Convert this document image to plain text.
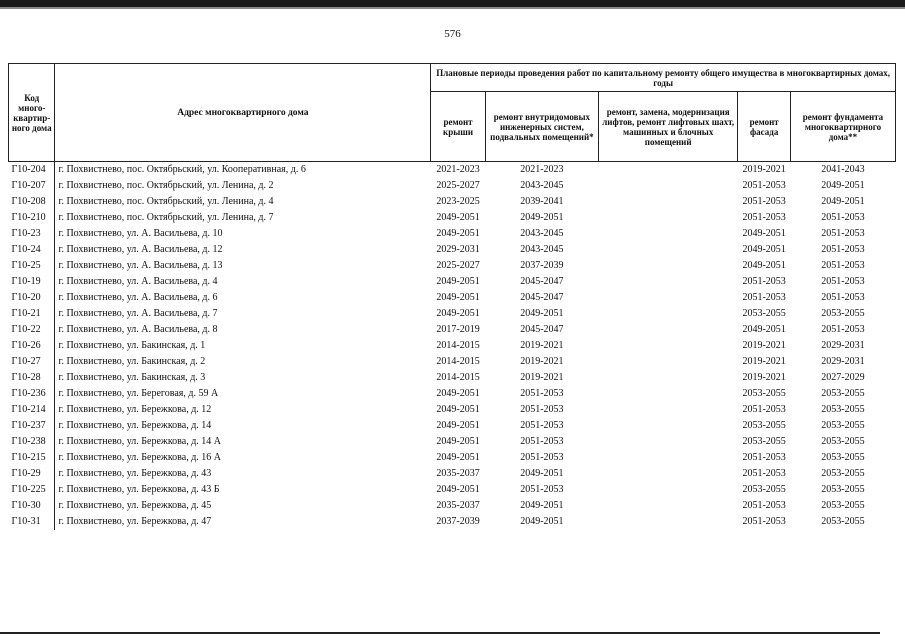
576
Код много-квартир-ного дома	Адрес многоквартирного дома	Плановые периоды проведения работ по капитальному ремонту общего имущества в многоквартирных домах, годы				
		ремонт крыши	ремонт внутридомовых инженерных систем, подвальных помещений*	ремонт, замена, модернизация лифтов, ремонт лифтовых шахт, машинных и блочных помещений	ремонт фасада	ремонт фундамента многоквартирного дома**
Г10-204	г. Похвистнево, пос. Октябрьский, ул. Кооперативная, д. 6	2021-2023	2021-2023		2019-2021	2041-2043
Г10-207	г. Похвистнево, пос. Октябрьский, ул. Ленина, д. 2	2025-2027	2043-2045		2051-2053	2049-2051
Г10-208	г. Похвистнево, пос. Октябрьский, ул. Ленина, д. 4	2023-2025	2039-2041		2051-2053	2049-2051
Г10-210	г. Похвистнево, пос. Октябрьский, ул. Ленина, д. 7	2049-2051	2049-2051		2051-2053	2051-2053
Г10-23	г. Похвистнево, ул. А. Васильева, д. 10	2049-2051	2043-2045		2049-2051	2051-2053
Г10-24	г. Похвистнево, ул. А. Васильева, д. 12	2029-2031	2043-2045		2049-2051	2051-2053
Г10-25	г. Похвистнево, ул. А. Васильева, д. 13	2025-2027	2037-2039		2049-2051	2051-2053
Г10-19	г. Похвистнево, ул. А. Васильева, д. 4	2049-2051	2045-2047		2051-2053	2051-2053
Г10-20	г. Похвистнево, ул. А. Васильева, д. 6	2049-2051	2045-2047		2051-2053	2051-2053
Г10-21	г. Похвистнево, ул. А. Васильева, д. 7	2049-2051	2049-2051		2053-2055	2053-2055
Г10-22	г. Похвистнево, ул. А. Васильева, д. 8	2017-2019	2045-2047		2049-2051	2051-2053
Г10-26	г. Похвистнево, ул. Бакинская, д. 1	2014-2015	2019-2021		2019-2021	2029-2031
Г10-27	г. Похвистнево, ул. Бакинская, д. 2	2014-2015	2019-2021		2019-2021	2029-2031
Г10-28	г. Похвистнево, ул. Бакинская, д. 3	2014-2015	2019-2021		2019-2021	2027-2029
Г10-236	г. Похвистнево, ул. Береговая, д. 59 А	2049-2051	2051-2053		2053-2055	2053-2055
Г10-214	г. Похвистнево, ул. Бережкова, д. 12	2049-2051	2051-2053		2051-2053	2053-2055
Г10-237	г. Похвистнево, ул. Бережкова, д. 14	2049-2051	2051-2053		2053-2055	2053-2055
Г10-238	г. Похвистнево, ул. Бережкова, д. 14 А	2049-2051	2051-2053		2053-2055	2053-2055
Г10-215	г. Похвистнево, ул. Бережкова, д. 16 А	2049-2051	2051-2053		2051-2053	2053-2055
Г10-29	г. Похвистнево, ул. Бережкова, д. 43	2035-2037	2049-2051		2051-2053	2053-2055
Г10-225	г. Похвистнево, ул. Бережкова, д. 43 Б	2049-2051	2051-2053		2053-2055	2053-2055
Г10-30	г. Похвистнево, ул. Бережкова, д. 45	2035-2037	2049-2051		2051-2053	2053-2055
Г10-31	г. Похвистнево, ул. Бережкова, д. 47	2037-2039	2049-2051		2051-2053	2053-2055
